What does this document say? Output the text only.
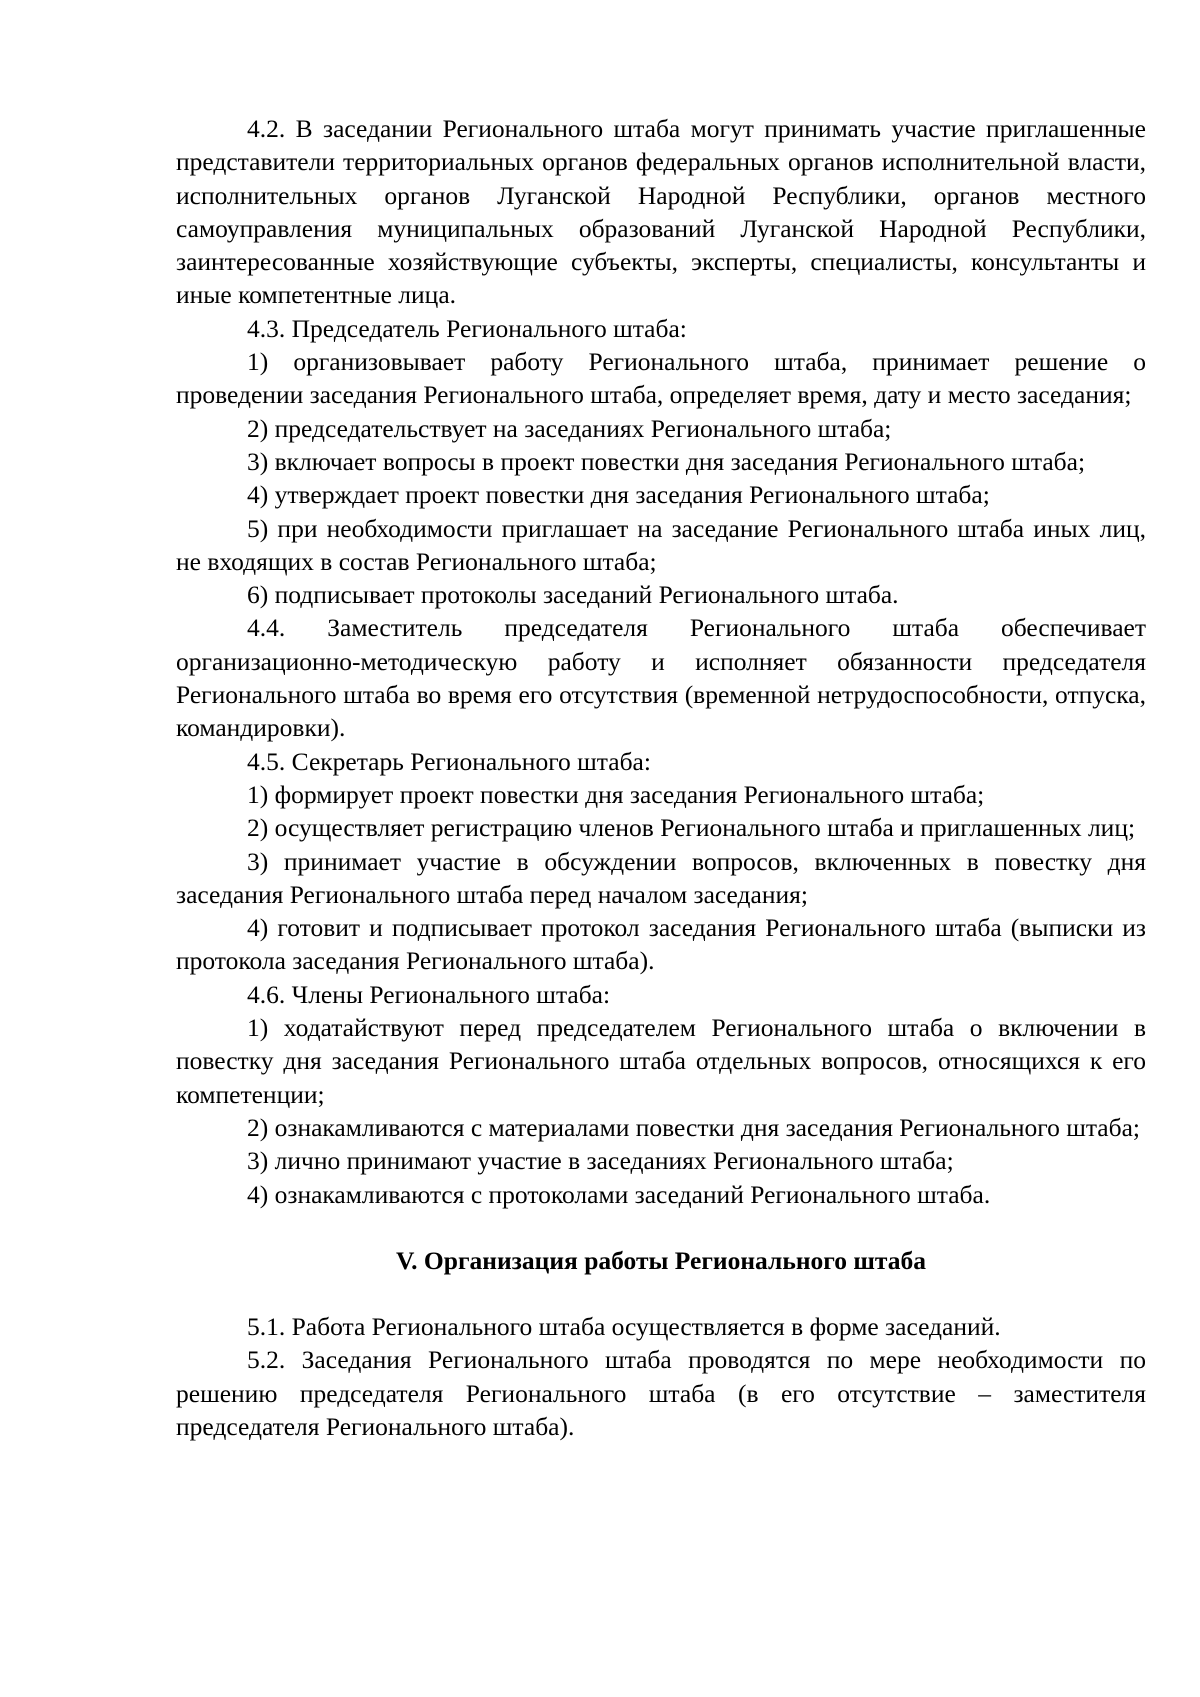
4.2. В заседании Регионального штаба могут принимать участие приглашенные представители территориальных органов федеральных органов исполнительной власти, исполнительных органов Луганской Народной Республики, органов местного самоуправления муниципальных образований Луганской Народной Республики, заинтересованные хозяйствующие субъекты, эксперты, специалисты, консультанты и иные компетентные лица.

4.3. Председатель Регионального штаба:

1) организовывает работу Регионального штаба, принимает решение о проведении заседания Регионального штаба, определяет время, дату и место заседания;

2) председательствует на заседаниях Регионального штаба;

3) включает вопросы в проект повестки дня заседания Регионального штаба;

4) утверждает проект повестки дня заседания Регионального штаба;

5) при необходимости приглашает на заседание Регионального штаба иных лиц, не входящих в состав Регионального штаба;

6) подписывает протоколы заседаний Регионального штаба.

4.4. Заместитель председателя Регионального штаба обеспечивает организационно-методическую работу и исполняет обязанности председателя Регионального штаба во время его отсутствия (временной нетрудоспособности, отпуска, командировки).

4.5. Секретарь Регионального штаба:

1) формирует проект повестки дня заседания Регионального штаба;

2) осуществляет регистрацию членов Регионального штаба и приглашенных лиц;

3) принимает участие в обсуждении вопросов, включенных в повестку дня заседания Регионального штаба перед началом заседания;

4) готовит и подписывает протокол заседания Регионального штаба (выписки из протокола заседания Регионального штаба).

4.6. Члены Регионального штаба:

1) ходатайствуют перед председателем Регионального штаба о включении в повестку дня заседания Регионального штаба отдельных вопросов, относящихся к его компетенции;

2) ознакамливаются с материалами повестки дня заседания Регионального штаба;

3) лично принимают участие в заседаниях Регионального штаба;

4) ознакамливаются с протоколами заседаний Регионального штаба.

V. Организация работы Регионального штаба

5.1. Работа Регионального штаба осуществляется в форме заседаний.

5.2. Заседания Регионального штаба проводятся по мере необходимости по решению председателя Регионального штаба (в его отсутствие – заместителя председателя Регионального штаба).
